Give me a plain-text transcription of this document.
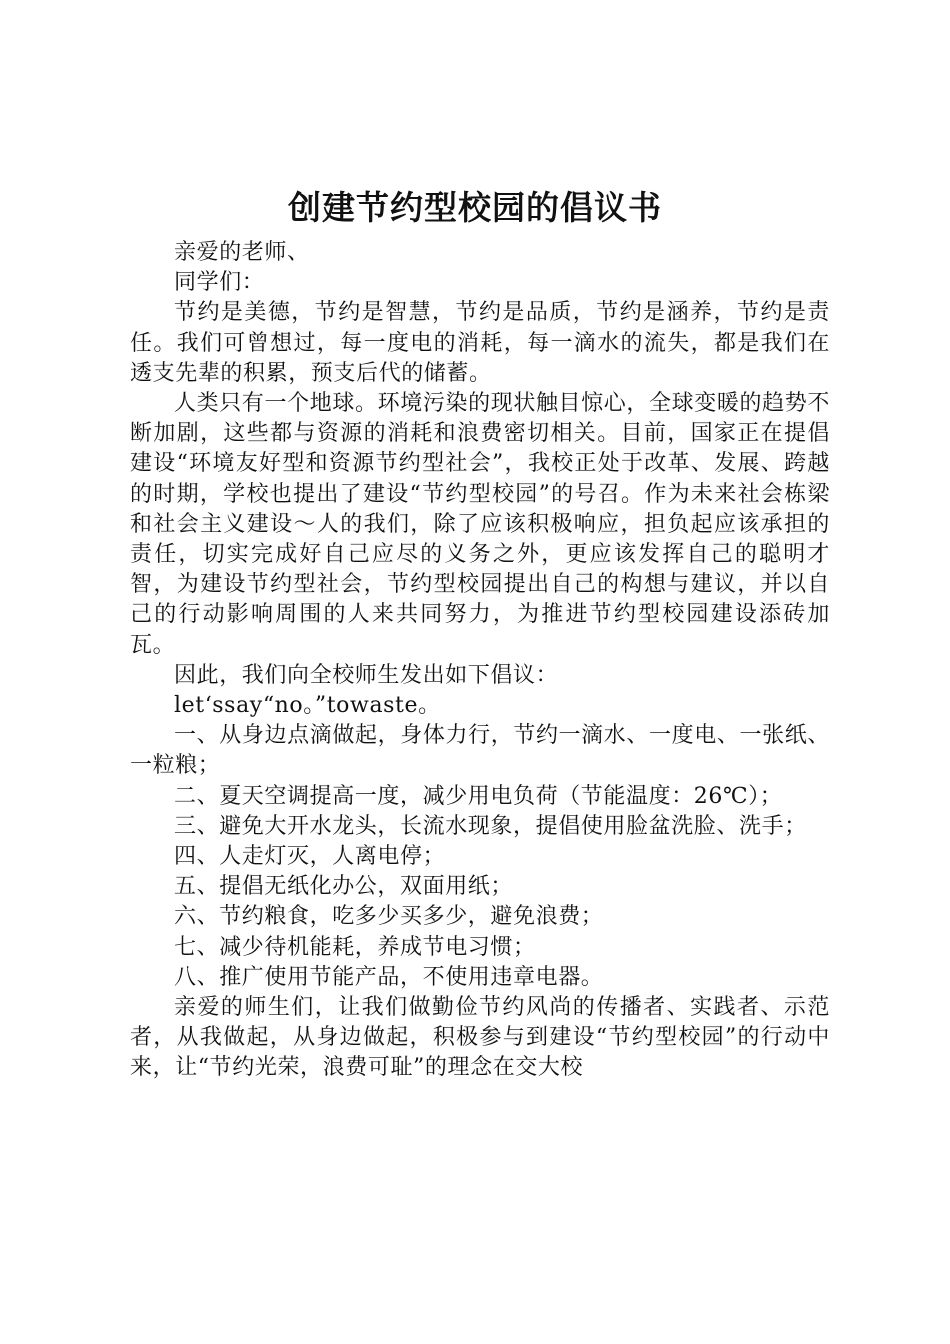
创建节约型校园的倡议书

亲爱的老师、

同学们：

节约是美德，节约是智慧，节约是品质，节约是涵养，节约是责任。我们可曾想过，每一度电的消耗，每一滴水的流失，都是我们在透支先辈的积累，预支后代的储蓄。

人类只有一个地球。环境污染的现状触目惊心，全球变暖的趋势不断加剧，这些都与资源的消耗和浪费密切相关。目前，国家正在提倡建设“环境友好型和资源节约型社会”，我校正处于改革、发展、跨越的时期，学校也提出了建设“节约型校园”的号召。作为未来社会栋梁和社会主义建设～人的我们，除了应该积极响应，担负起应该承担的责任，切实完成好自己应尽的义务之外，更应该发挥自己的聪明才智，为建设节约型社会，节约型校园提出自己的构想与建议，并以自己的行动影响周围的人来共同努力，为推进节约型校园建设添砖加瓦。

因此，我们向全校师生发出如下倡议：

let‘ssay“no。”towaste。

一、从身边点滴做起，身体力行，节约一滴水、一度电、一张纸、一粒粮；

二、夏天空调提高一度，减少用电负荷（节能温度：26℃）；

三、避免大开水龙头，长流水现象，提倡使用脸盆洗脸、洗手；

四、人走灯灭，人离电停；

五、提倡无纸化办公，双面用纸；

六、节约粮食，吃多少买多少，避免浪费；

七、减少待机能耗，养成节电习惯；

八、推广使用节能产品，不使用违章电器。

亲爱的师生们，让我们做勤俭节约风尚的传播者、实践者、示范者，从我做起，从身边做起，积极参与到建设“节约型校园”的行动中来，让“节约光荣，浪费可耻”的理念在交大校
